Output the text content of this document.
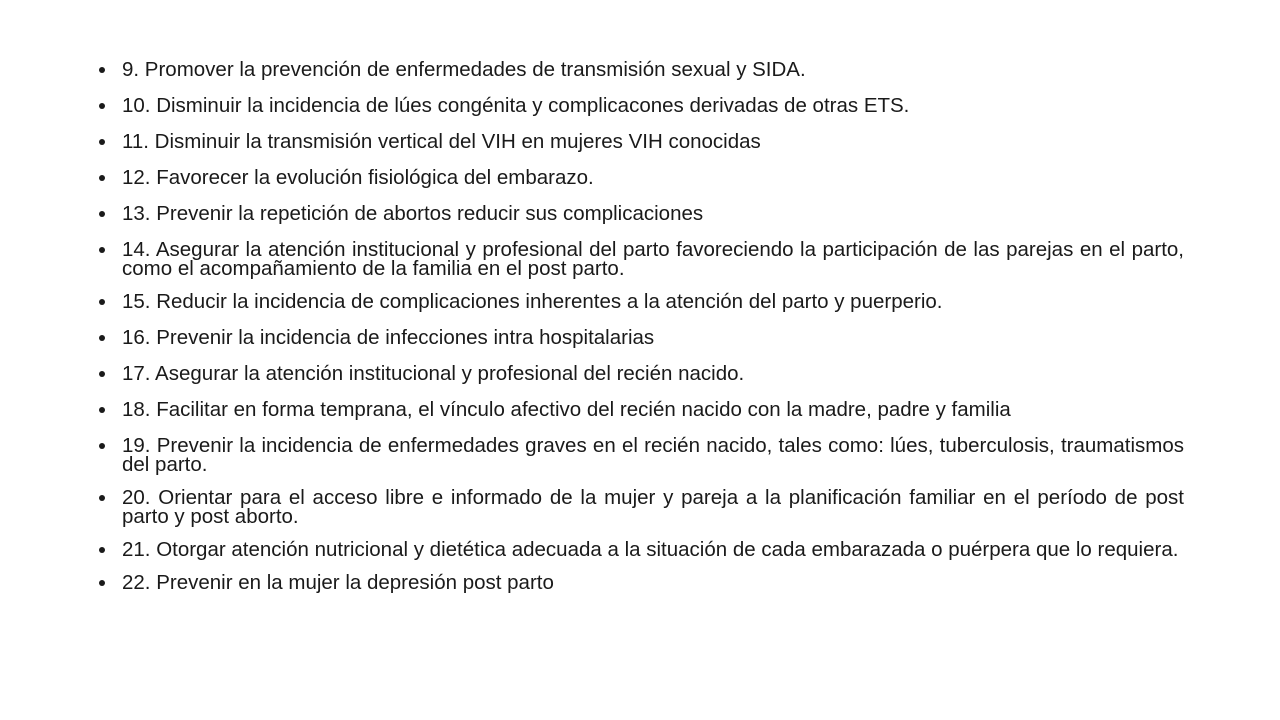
9. Promover la prevención de enfermedades de transmisión sexual y SIDA.
10. Disminuir la incidencia de lúes congénita y complicacones derivadas de otras ETS.
11. Disminuir la transmisión vertical del VIH en mujeres VIH conocidas
12. Favorecer la evolución fisiológica del embarazo.
13. Prevenir la repetición de abortos reducir sus complicaciones
14. Asegurar la atención institucional y profesional del parto favoreciendo la participación de las parejas en el parto, como el acompañamiento de la familia en el post parto.
15. Reducir la incidencia de complicaciones inherentes a la atención del parto y puerperio.
16. Prevenir la incidencia de infecciones intra hospitalarias
17. Asegurar la atención institucional y profesional del recién nacido.
18. Facilitar en forma temprana, el vínculo afectivo del recién nacido con la madre, padre y familia
19. Prevenir la incidencia de enfermedades graves en el recién nacido, tales como: lúes, tuberculosis, traumatismos del parto.
20. Orientar para el acceso libre e informado de la mujer y pareja a la planificación familiar en el período de post parto y post aborto.
21. Otorgar atención nutricional y dietética adecuada a la situación de cada embarazada o puérpera que lo requiera.
22. Prevenir en la mujer la depresión post parto
